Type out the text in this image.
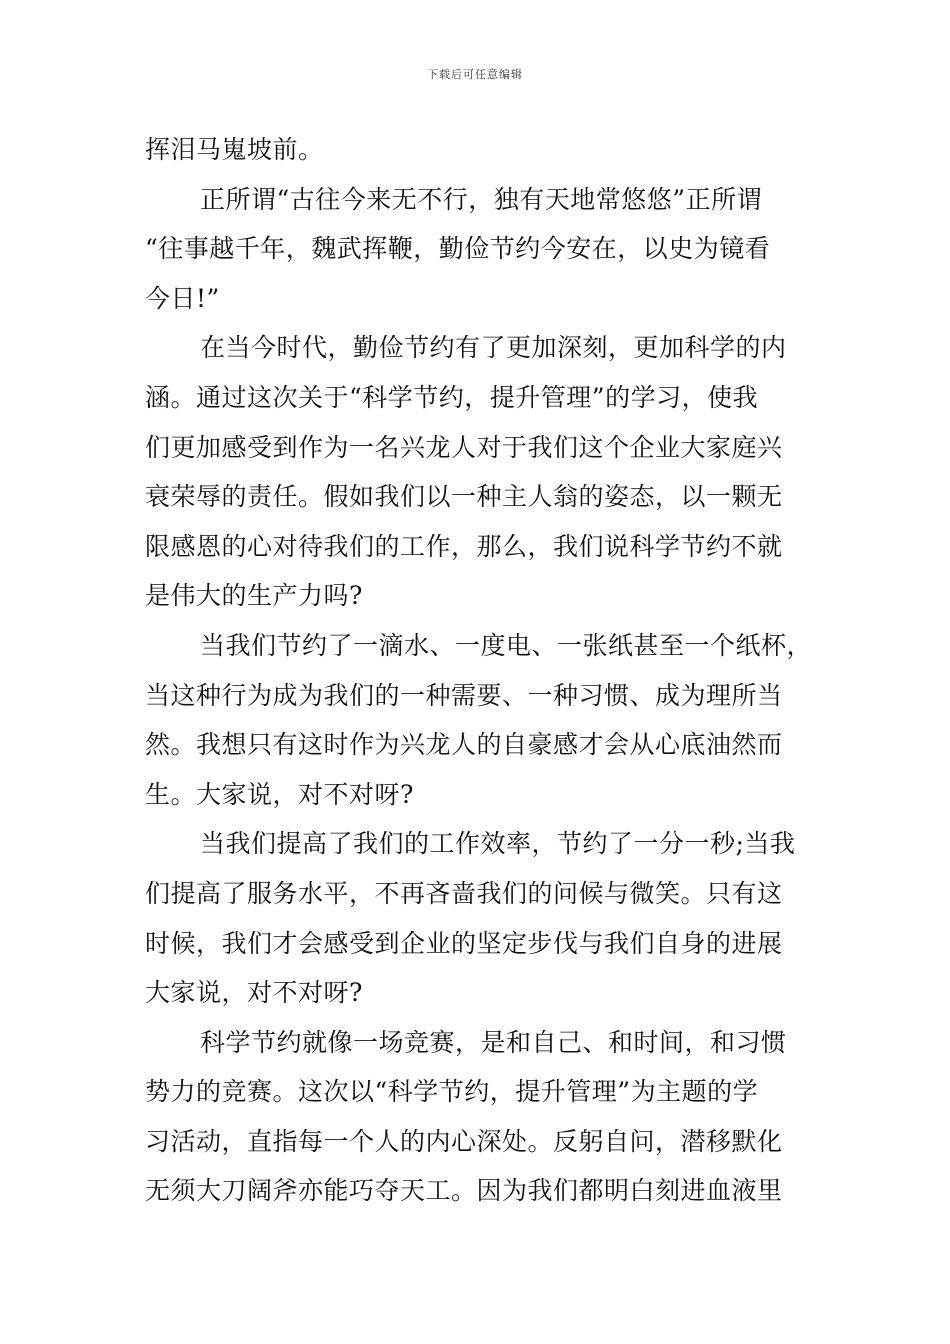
下载后可任意编辑
挥泪马嵬坡前。
正所谓“古往今来无不行，独有天地常悠悠”正所谓
“往事越千年，魏武挥鞭，勤俭节约今安在，以史为镜看
今日!”
在当今时代，勤俭节约有了更加深刻，更加科学的内
涵。通过这次关于“科学节约，提升管理”的学习，使我
们更加感受到作为一名兴龙人对于我们这个企业大家庭兴
衰荣辱的责任。假如我们以一种主人翁的姿态，以一颗无
限感恩的心对待我们的工作，那么，我们说科学节约不就
是伟大的生产力吗?
当我们节约了一滴水、一度电、一张纸甚至一个纸杯，
当这种行为成为我们的一种需要、一种习惯、成为理所当
然。我想只有这时作为兴龙人的自豪感才会从心底油然而
生。大家说，对不对呀?
当我们提高了我们的工作效率，节约了一分一秒;当我
们提高了服务水平，不再吝啬我们的问候与微笑。只有这
时候，我们才会感受到企业的坚定步伐与我们自身的进展
大家说，对不对呀?
科学节约就像一场竞赛，是和自己、和时间，和习惯
势力的竞赛。这次以“科学节约，提升管理”为主题的学
习活动，直指每一个人的内心深处。反躬自问，潜移默化
无须大刀阔斧亦能巧夺天工。因为我们都明白刻进血液里
